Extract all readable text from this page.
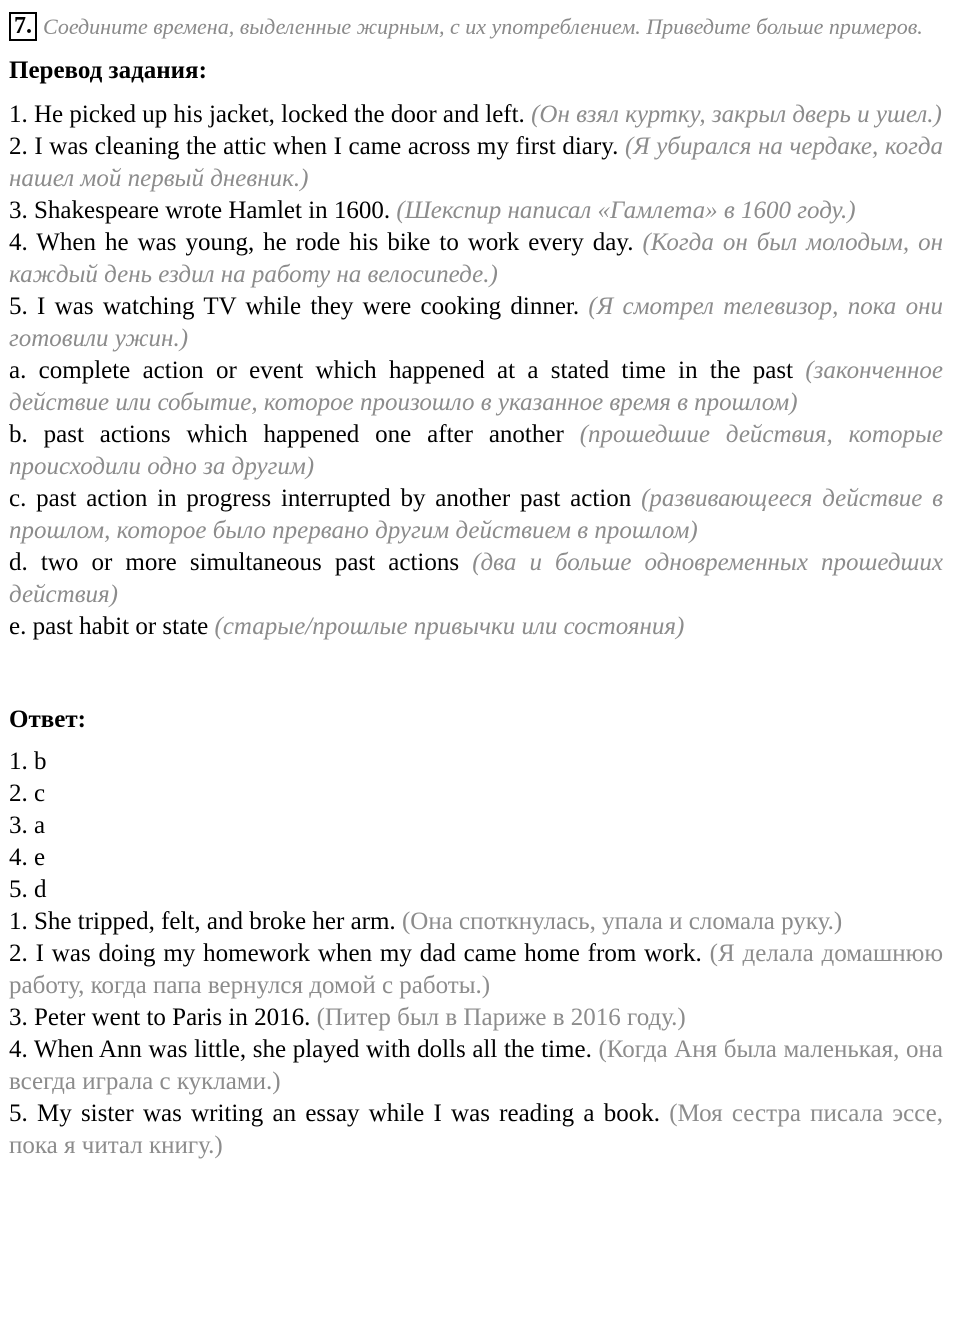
7. Соедините времена, выделенные жирным, с их употреблением. Приведите больше примеров.

Перевод задания:

1. He picked up his jacket, locked the door and left. (Он взял куртку, закрыл дверь и ушел.)

2. I was cleaning the attic when I came across my first diary. (Я убирался на чердаке, когда нашел мой первый дневник.)

3. Shakespeare wrote Hamlet in 1600. (Шекспир написал «Гамлета» в 1600 году.)

4. When he was young, he rode his bike to work every day. (Когда он был молодым, он каждый день ездил на работу на велосипеде.)

5. I was watching TV while they were cooking dinner. (Я смотрел телевизор, пока они готовили ужин.)

a. complete action or event which happened at a stated time in the past (законченное действие или событие, которое произошло в указанное время в прошлом)

b. past actions which happened one after another (прошедшие действия, которые происходили одно за другим)

c. past action in progress interrupted by another past action (развивающееся действие в прошлом, которое было прервано другим действием в прошлом)

d. two or more simultaneous past actions (два и больше одновременных прошедших действия)

e. past habit or state (старые/прошлые привычки или состояния)

Ответ:

1. b

2. c

3. a

4. e

5. d

1. She tripped, felt, and broke her arm. (Она споткнулась, упала и сломала руку.)

2. I was doing my homework when my dad came home from work. (Я делала домашнюю работу, когда папа вернулся домой с работы.)

3. Peter went to Paris in 2016. (Питер был в Париже в 2016 году.)

4. When Ann was little, she played with dolls all the time. (Когда Аня была маленькая, она всегда играла с куклами.)

5. My sister was writing an essay while I was reading a book. (Моя сестра писала эссе, пока я читал книгу.)
